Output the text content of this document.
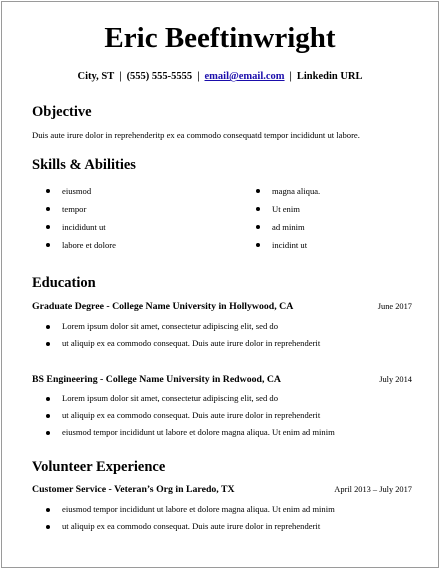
Eric Beeftinwright
City, ST | (555) 555-5555 | email@email.com | Linkedin URL
Objective
Duis aute irure dolor in reprehenderitp ex ea commodo consequatd tempor incididunt ut labore.
Skills & Abilities
eiusmod
tempor
incididunt ut
labore et dolore
magna aliqua.
Ut enim
ad minim
incidint ut
Education
Graduate Degree - College Name University in Hollywood, CA	June 2017
Lorem ipsum dolor sit amet, consectetur adipiscing elit, sed do
ut aliquip ex ea commodo consequat. Duis aute irure dolor in reprehenderit
BS Engineering - College Name University in Redwood, CA	July 2014
Lorem ipsum dolor sit amet, consectetur adipiscing elit, sed do
ut aliquip ex ea commodo consequat. Duis aute irure dolor in reprehenderit
eiusmod tempor incididunt ut labore et dolore magna aliqua. Ut enim ad minim
Volunteer Experience
Customer Service - Veteran’s Org in Laredo, TX	April 2013 – July 2017
eiusmod tempor incididunt ut labore et dolore magna aliqua. Ut enim ad minim
ut aliquip ex ea commodo consequat. Duis aute irure dolor in reprehenderit
